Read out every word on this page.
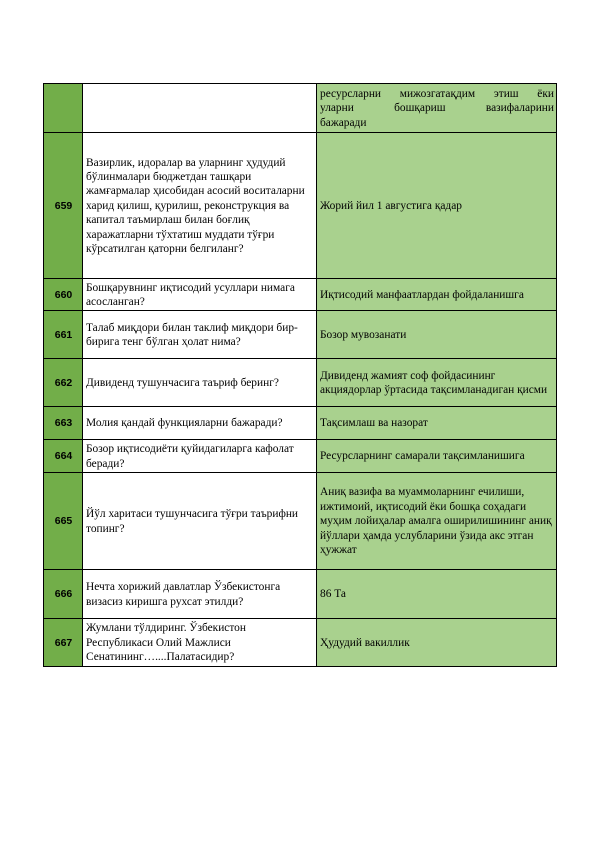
		ресурсларни мижозгатақдим этиш ёки
уларни бошқариш вазифаларини
бажаради

659	Вазирлик, идоралар ва уларнинг ҳудудий бўлинмалари бюджетдан ташқари жамғармалар ҳисобидан асосий воситаларни харид қилиш, қурилиш, реконструкция ва капитал таъмирлаш билан боғлиқ харажатларни тўхтатиш муддати тўғри кўрсатилган қаторни белгиланг?	Жорий йил 1 августига қадар
660	Бошқарувнинг иқтисодий усуллари нимага асосланган?	Иқтисодий манфаатлардан фойдаланишга
661	Талаб миқдори билан таклиф миқдори бир-бирига тенг бўлган ҳолат нима?	Бозор мувозанати
662	Дивиденд тушунчасига таъриф беринг?	Дивиденд жамият соф фойдасининг акциядорлар ўртасида тақсимланадиган қисми
663	Молия қандай функцияларни бажаради?	Тақсимлаш ва назорат
664	Бозор иқтисодиёти қуйидагиларга кафолат беради?	Ресурсларнинг самарали тақсимланишига
665	Йўл харитаси тушунчасига тўғри таърифни топинг?	Аниқ вазифа ва муаммоларнинг ечилиши, ижтимоий, иқтисодий ёки бошқа соҳадаги муҳим лойиҳалар амалга оширилишининг аниқ йўллари ҳамда услубларини ўзида акс этган ҳужжат
666	Нечта хорижий давлатлар Ўзбекистонга визасиз киришга рухсат этилди?	86 Та
667	Жумлани тўлдиринг. Ўзбекистон Республикаси Олий Мажлиси Сенатининг…....Палатасидир?	Ҳудудий вакиллик
